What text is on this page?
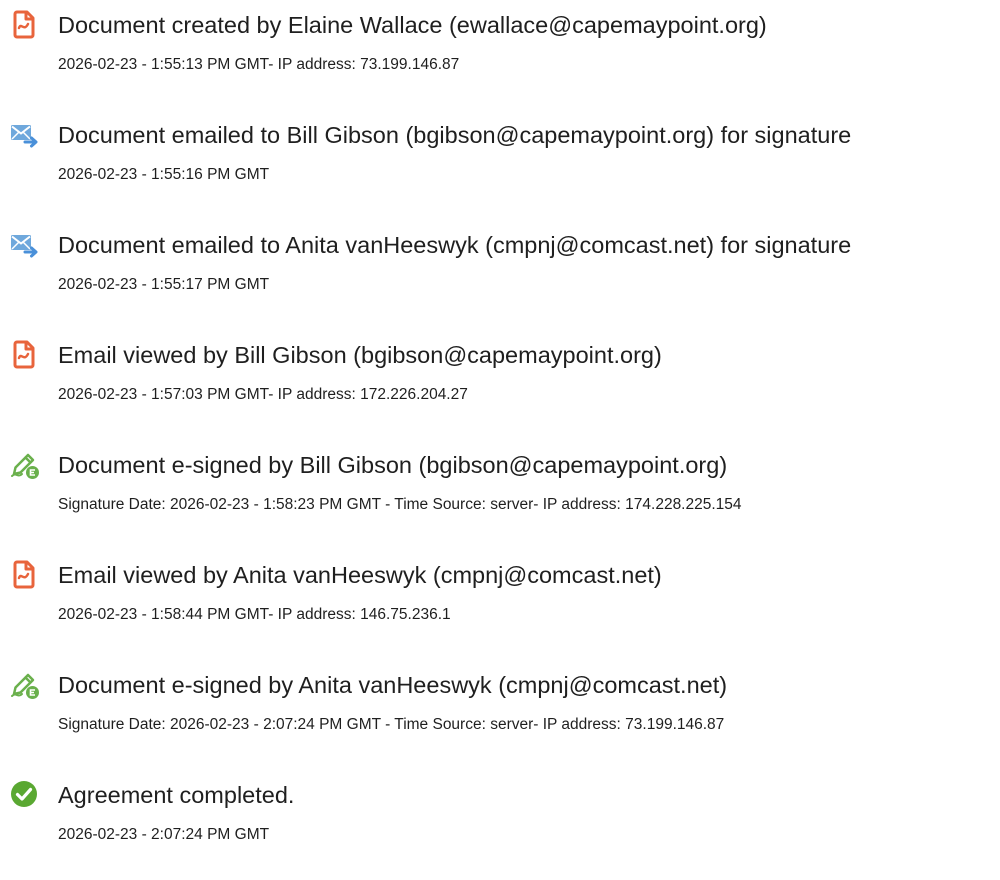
Document created by Elaine Wallace (ewallace@capemaypoint.org)
2026-02-23 - 1:55:13 PM GMT- IP address: 73.199.146.87
Document emailed to Bill Gibson (bgibson@capemaypoint.org) for signature
2026-02-23 - 1:55:16 PM GMT
Document emailed to Anita vanHeeswyk (cmpnj@comcast.net) for signature
2026-02-23 - 1:55:17 PM GMT
Email viewed by Bill Gibson (bgibson@capemaypoint.org)
2026-02-23 - 1:57:03 PM GMT- IP address: 172.226.204.27
Document e-signed by Bill Gibson (bgibson@capemaypoint.org)
Signature Date: 2026-02-23 - 1:58:23 PM GMT - Time Source: server- IP address: 174.228.225.154
Email viewed by Anita vanHeeswyk (cmpnj@comcast.net)
2026-02-23 - 1:58:44 PM GMT- IP address: 146.75.236.1
Document e-signed by Anita vanHeeswyk (cmpnj@comcast.net)
Signature Date: 2026-02-23 - 2:07:24 PM GMT - Time Source: server- IP address: 73.199.146.87
Agreement completed.
2026-02-23 - 2:07:24 PM GMT
